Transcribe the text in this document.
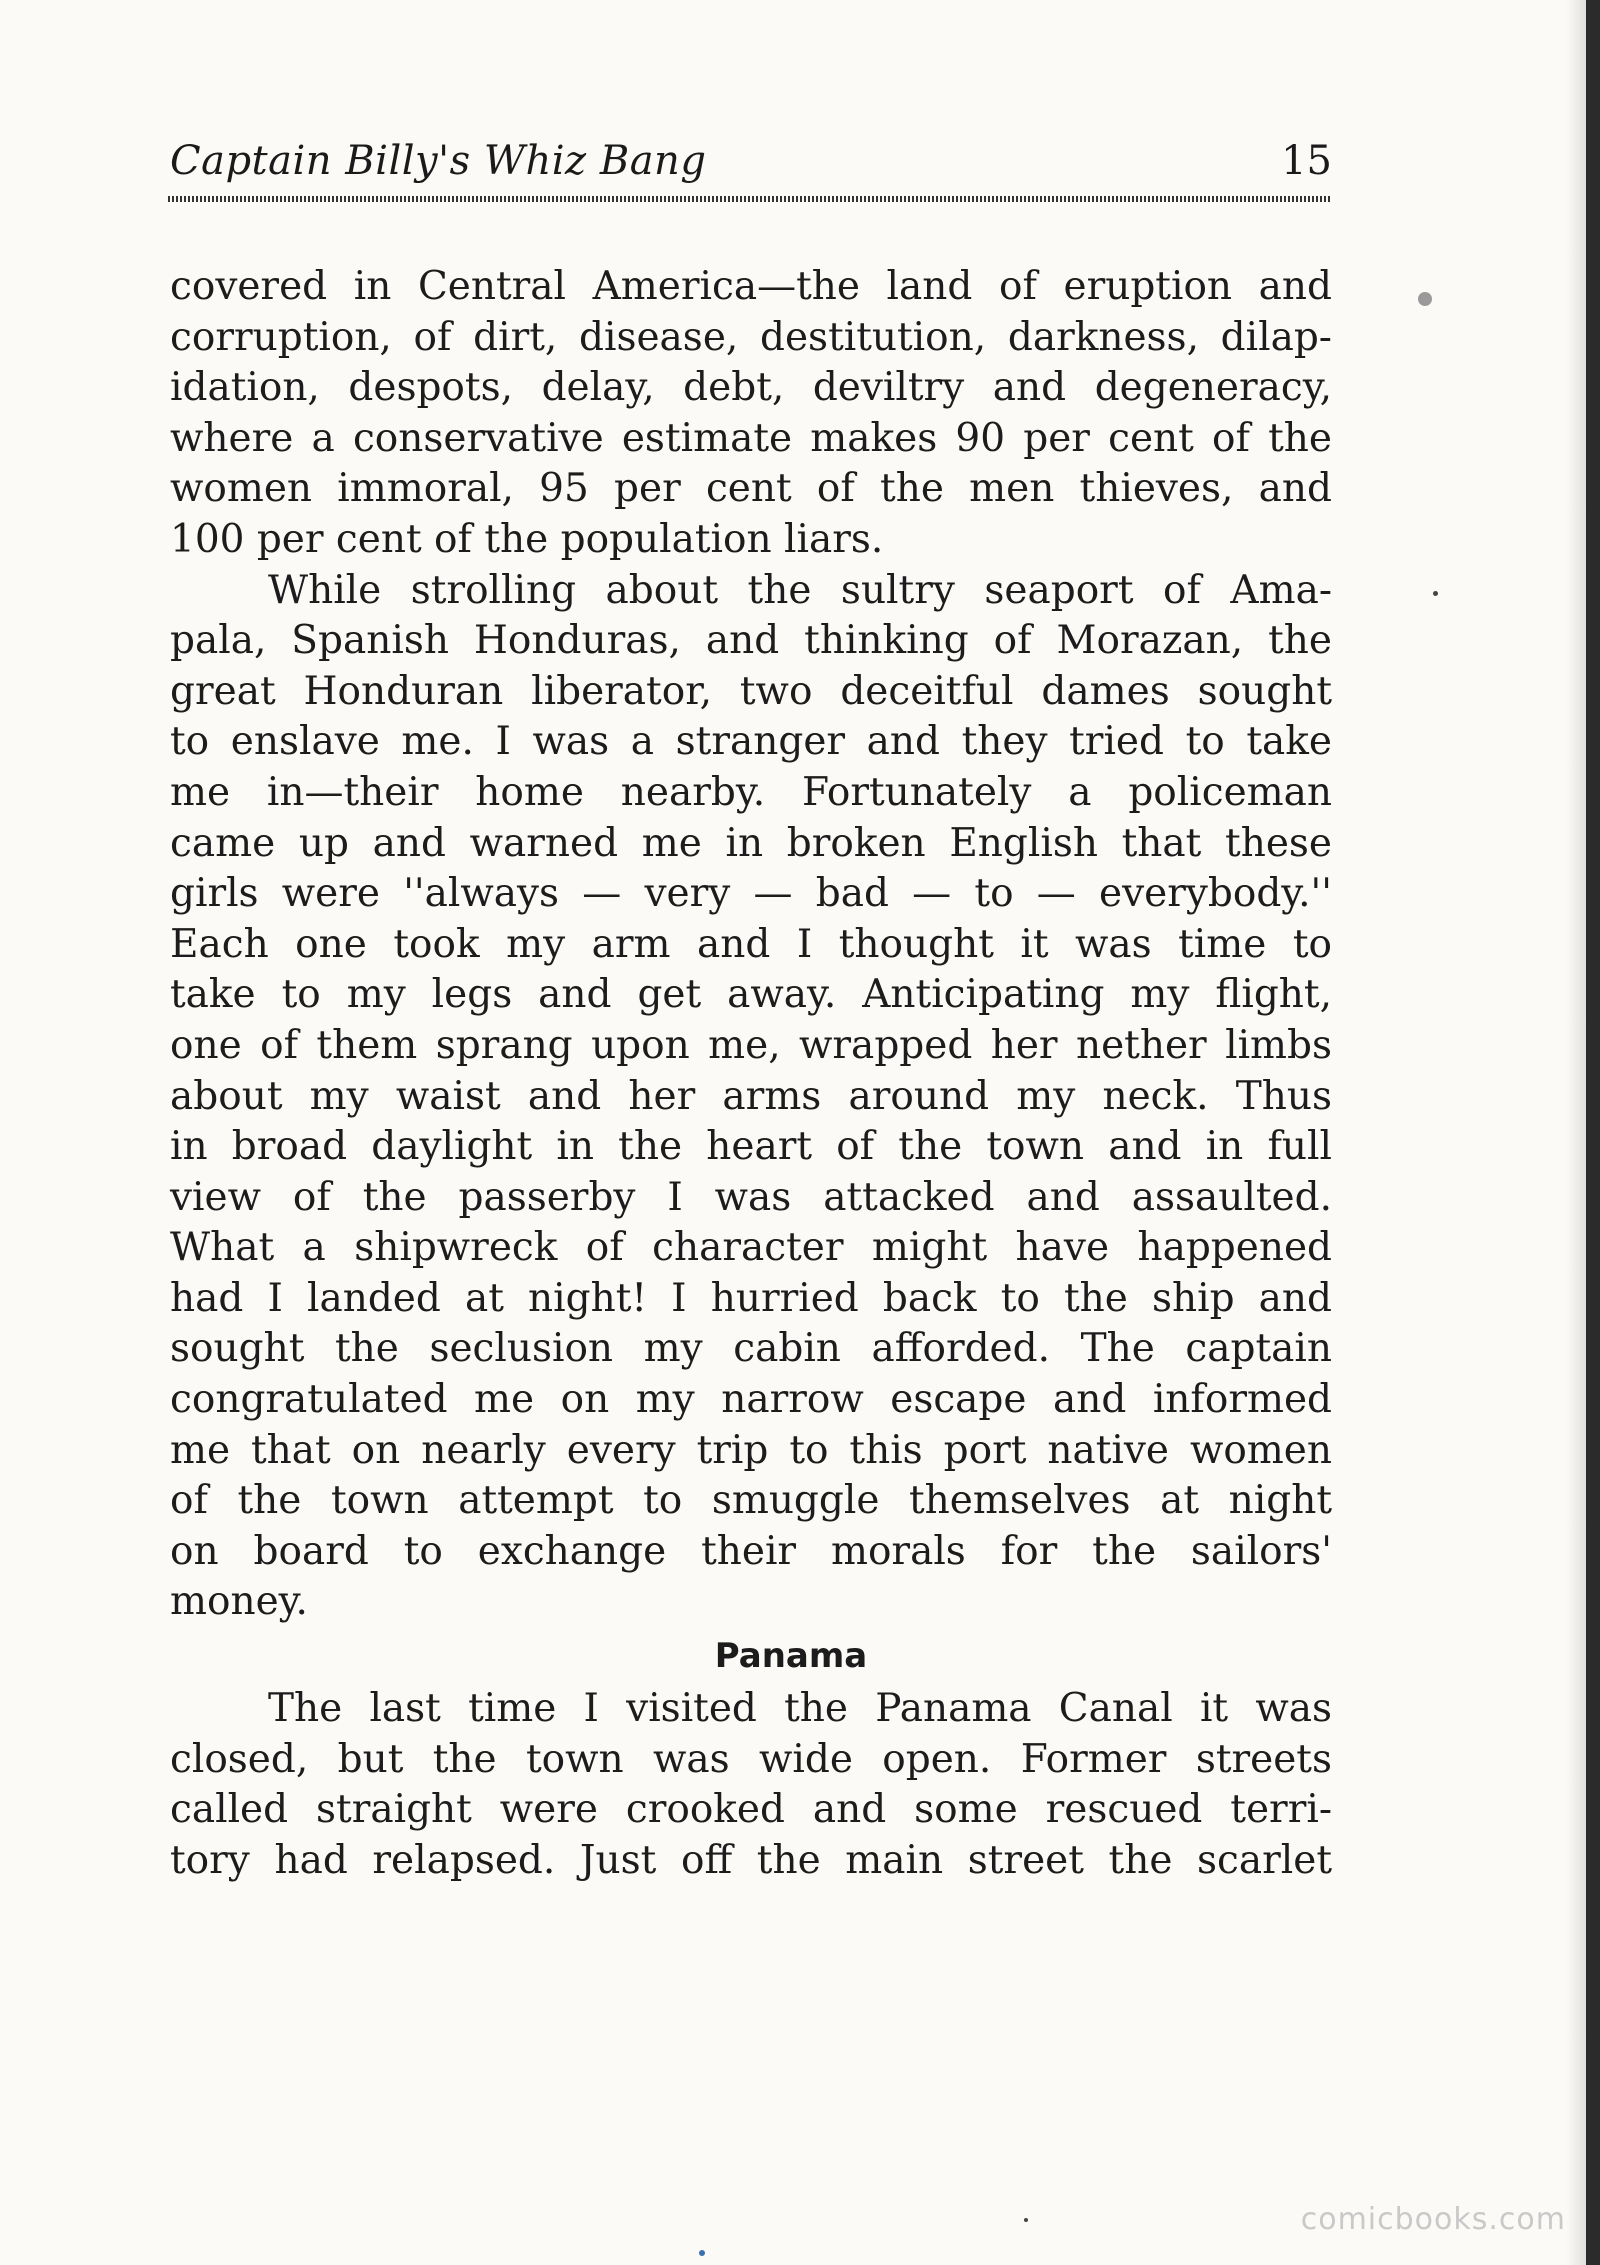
Captain Billy's Whiz Bang	15
covered in Central America—the land of eruption and
corruption, of dirt, disease, destitution, darkness, dilap-
idation, despots, delay, debt, deviltry and degeneracy,
where a conservative estimate makes 90 per cent of the
women immoral, 95 per cent of the men thieves, and
100 per cent of the population liars.
While strolling about the sultry seaport of Ama-
pala, Spanish Honduras, and thinking of Morazan, the
great Honduran liberator, two deceitful dames sought
to enslave me. I was a stranger and they tried to take
me in—their home nearby. Fortunately a policeman
came up and warned me in broken English that these
girls were ''always — very — bad — to — everybody.''
Each one took my arm and I thought it was time to
take to my legs and get away. Anticipating my flight,
one of them sprang upon me, wrapped her nether limbs
about my waist and her arms around my neck. Thus
in broad daylight in the heart of the town and in full
view of the passerby I was attacked and assaulted.
What a shipwreck of character might have happened
had I landed at night! I hurried back to the ship and
sought the seclusion my cabin afforded. The captain
congratulated me on my narrow escape and informed
me that on nearly every trip to this port native women
of the town attempt to smuggle themselves at night
on board to exchange their morals for the sailors'
money.
Panama
The last time I visited the Panama Canal it was
closed, but the town was wide open. Former streets
called straight were crooked and some rescued terri-
tory had relapsed. Just off the main street the scarlet
comicbooks.com
